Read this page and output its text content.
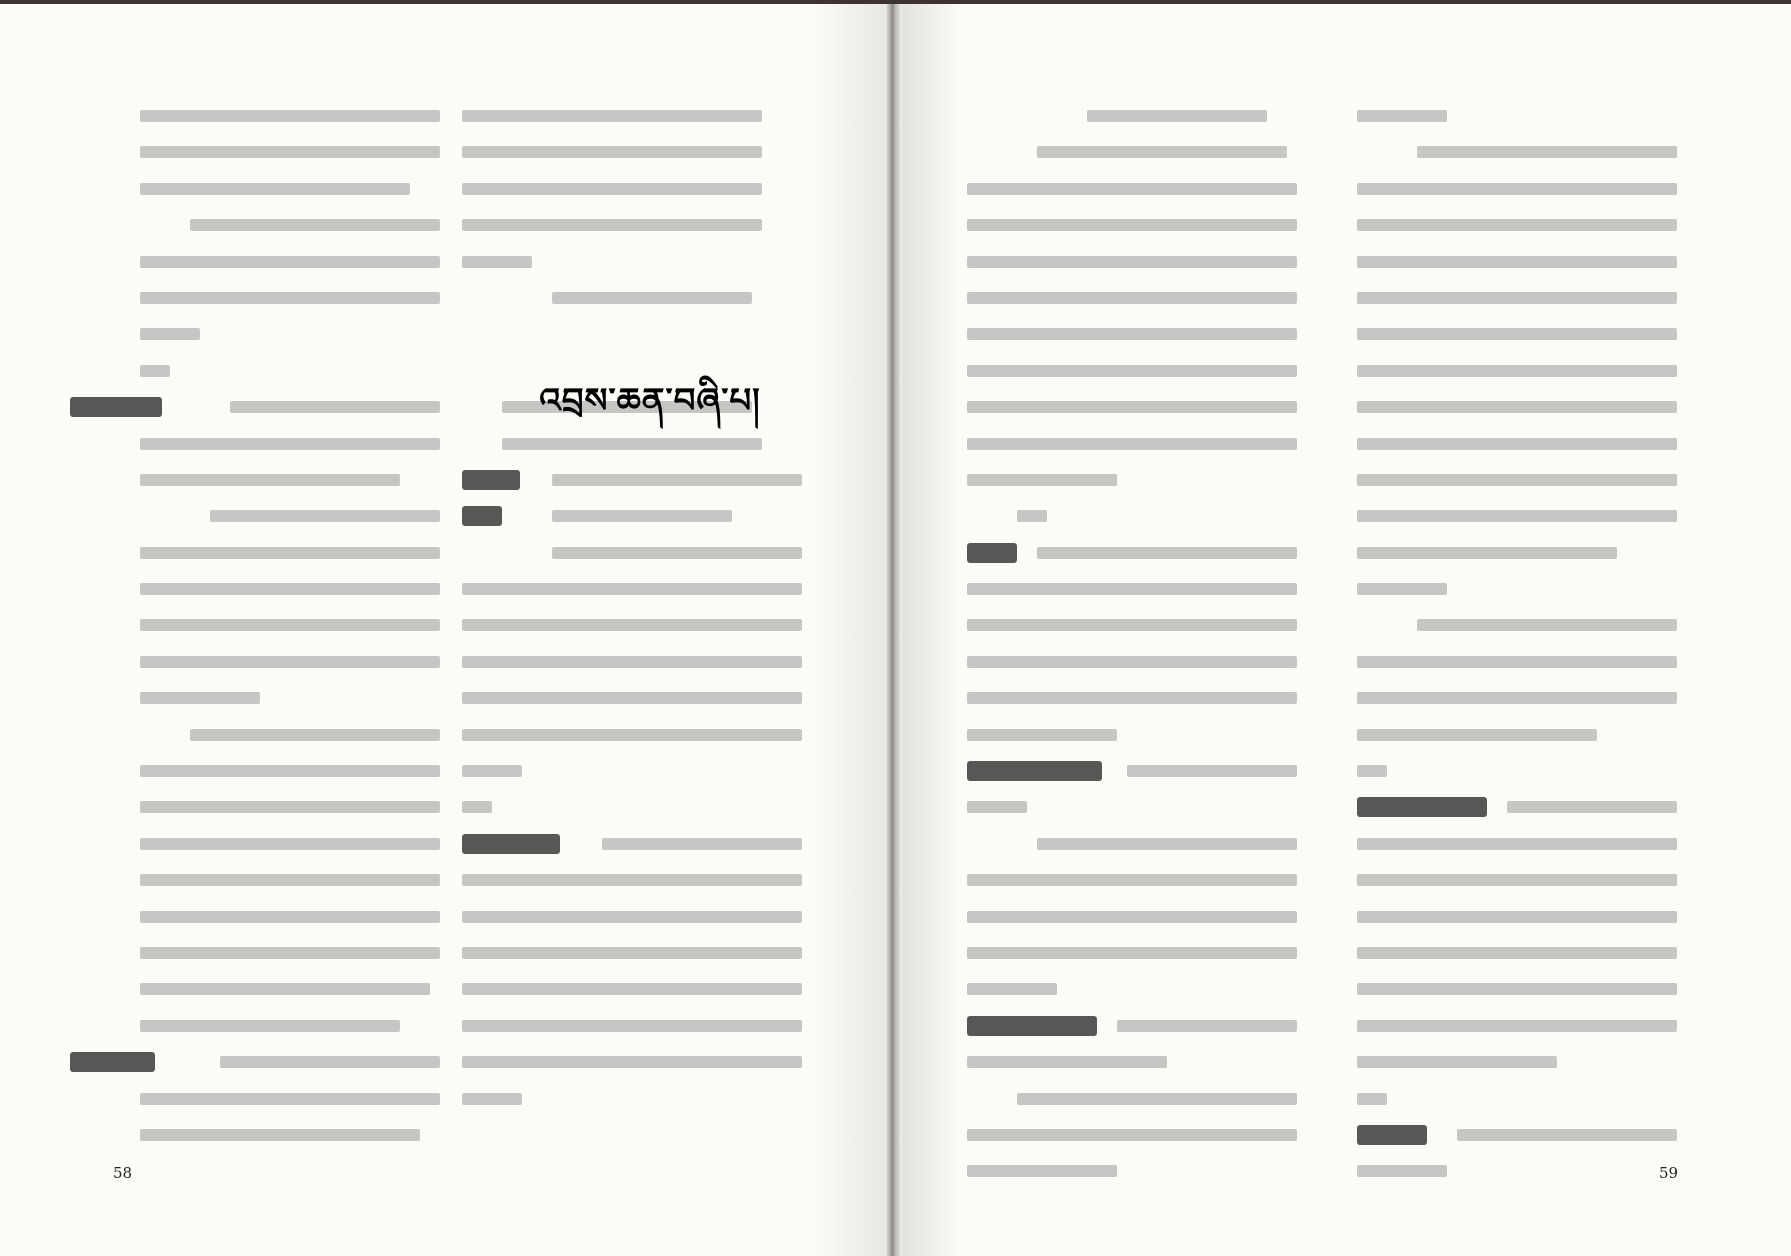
འབྲས་ཆན་བཞི་པ།
58	59
